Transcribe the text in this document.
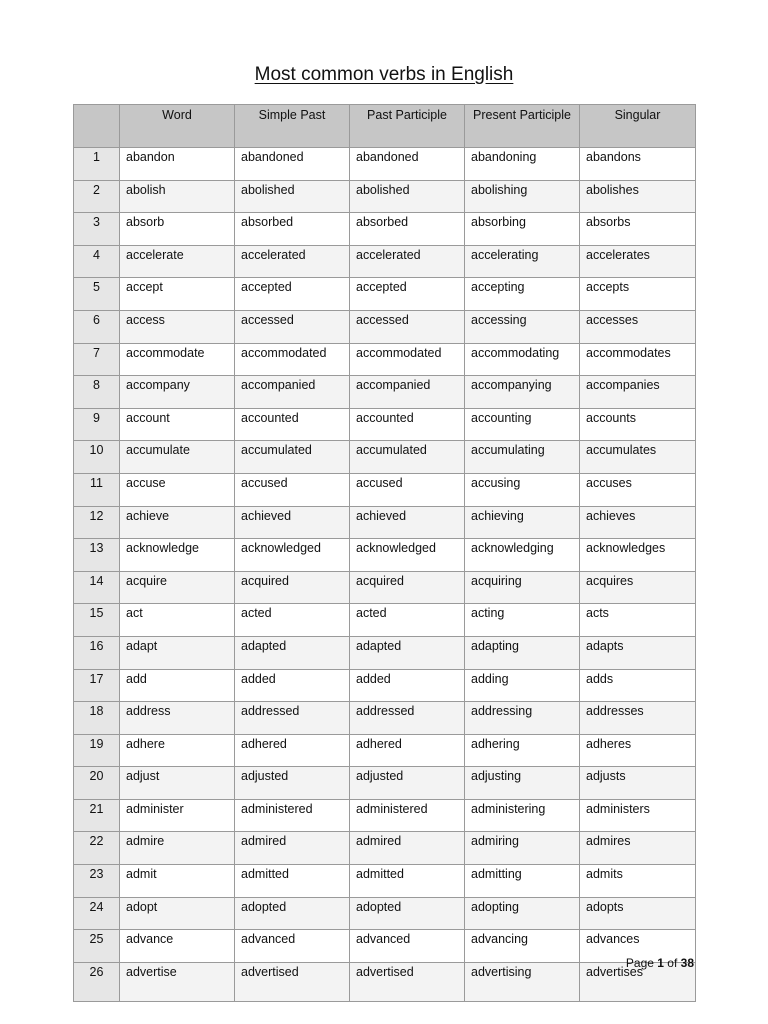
Most common verbs in English
	Word	Simple Past	Past Participle	Present Participle	Singular
1	abandon	abandoned	abandoned	abandoning	abandons
2	abolish	abolished	abolished	abolishing	abolishes
3	absorb	absorbed	absorbed	absorbing	absorbs
4	accelerate	accelerated	accelerated	accelerating	accelerates
5	accept	accepted	accepted	accepting	accepts
6	access	accessed	accessed	accessing	accesses
7	accommodate	accommodated	accommodated	accommodating	accommodates
8	accompany	accompanied	accompanied	accompanying	accompanies
9	account	accounted	accounted	accounting	accounts
10	accumulate	accumulated	accumulated	accumulating	accumulates
11	accuse	accused	accused	accusing	accuses
12	achieve	achieved	achieved	achieving	achieves
13	acknowledge	acknowledged	acknowledged	acknowledging	acknowledges
14	acquire	acquired	acquired	acquiring	acquires
15	act	acted	acted	acting	acts
16	adapt	adapted	adapted	adapting	adapts
17	add	added	added	adding	adds
18	address	addressed	addressed	addressing	addresses
19	adhere	adhered	adhered	adhering	adheres
20	adjust	adjusted	adjusted	adjusting	adjusts
21	administer	administered	administered	administering	administers
22	admire	admired	admired	admiring	admires
23	admit	admitted	admitted	admitting	admits
24	adopt	adopted	adopted	adopting	adopts
25	advance	advanced	advanced	advancing	advances
26	advertise	advertised	advertised	advertising	advertises
Page 1 of 38
